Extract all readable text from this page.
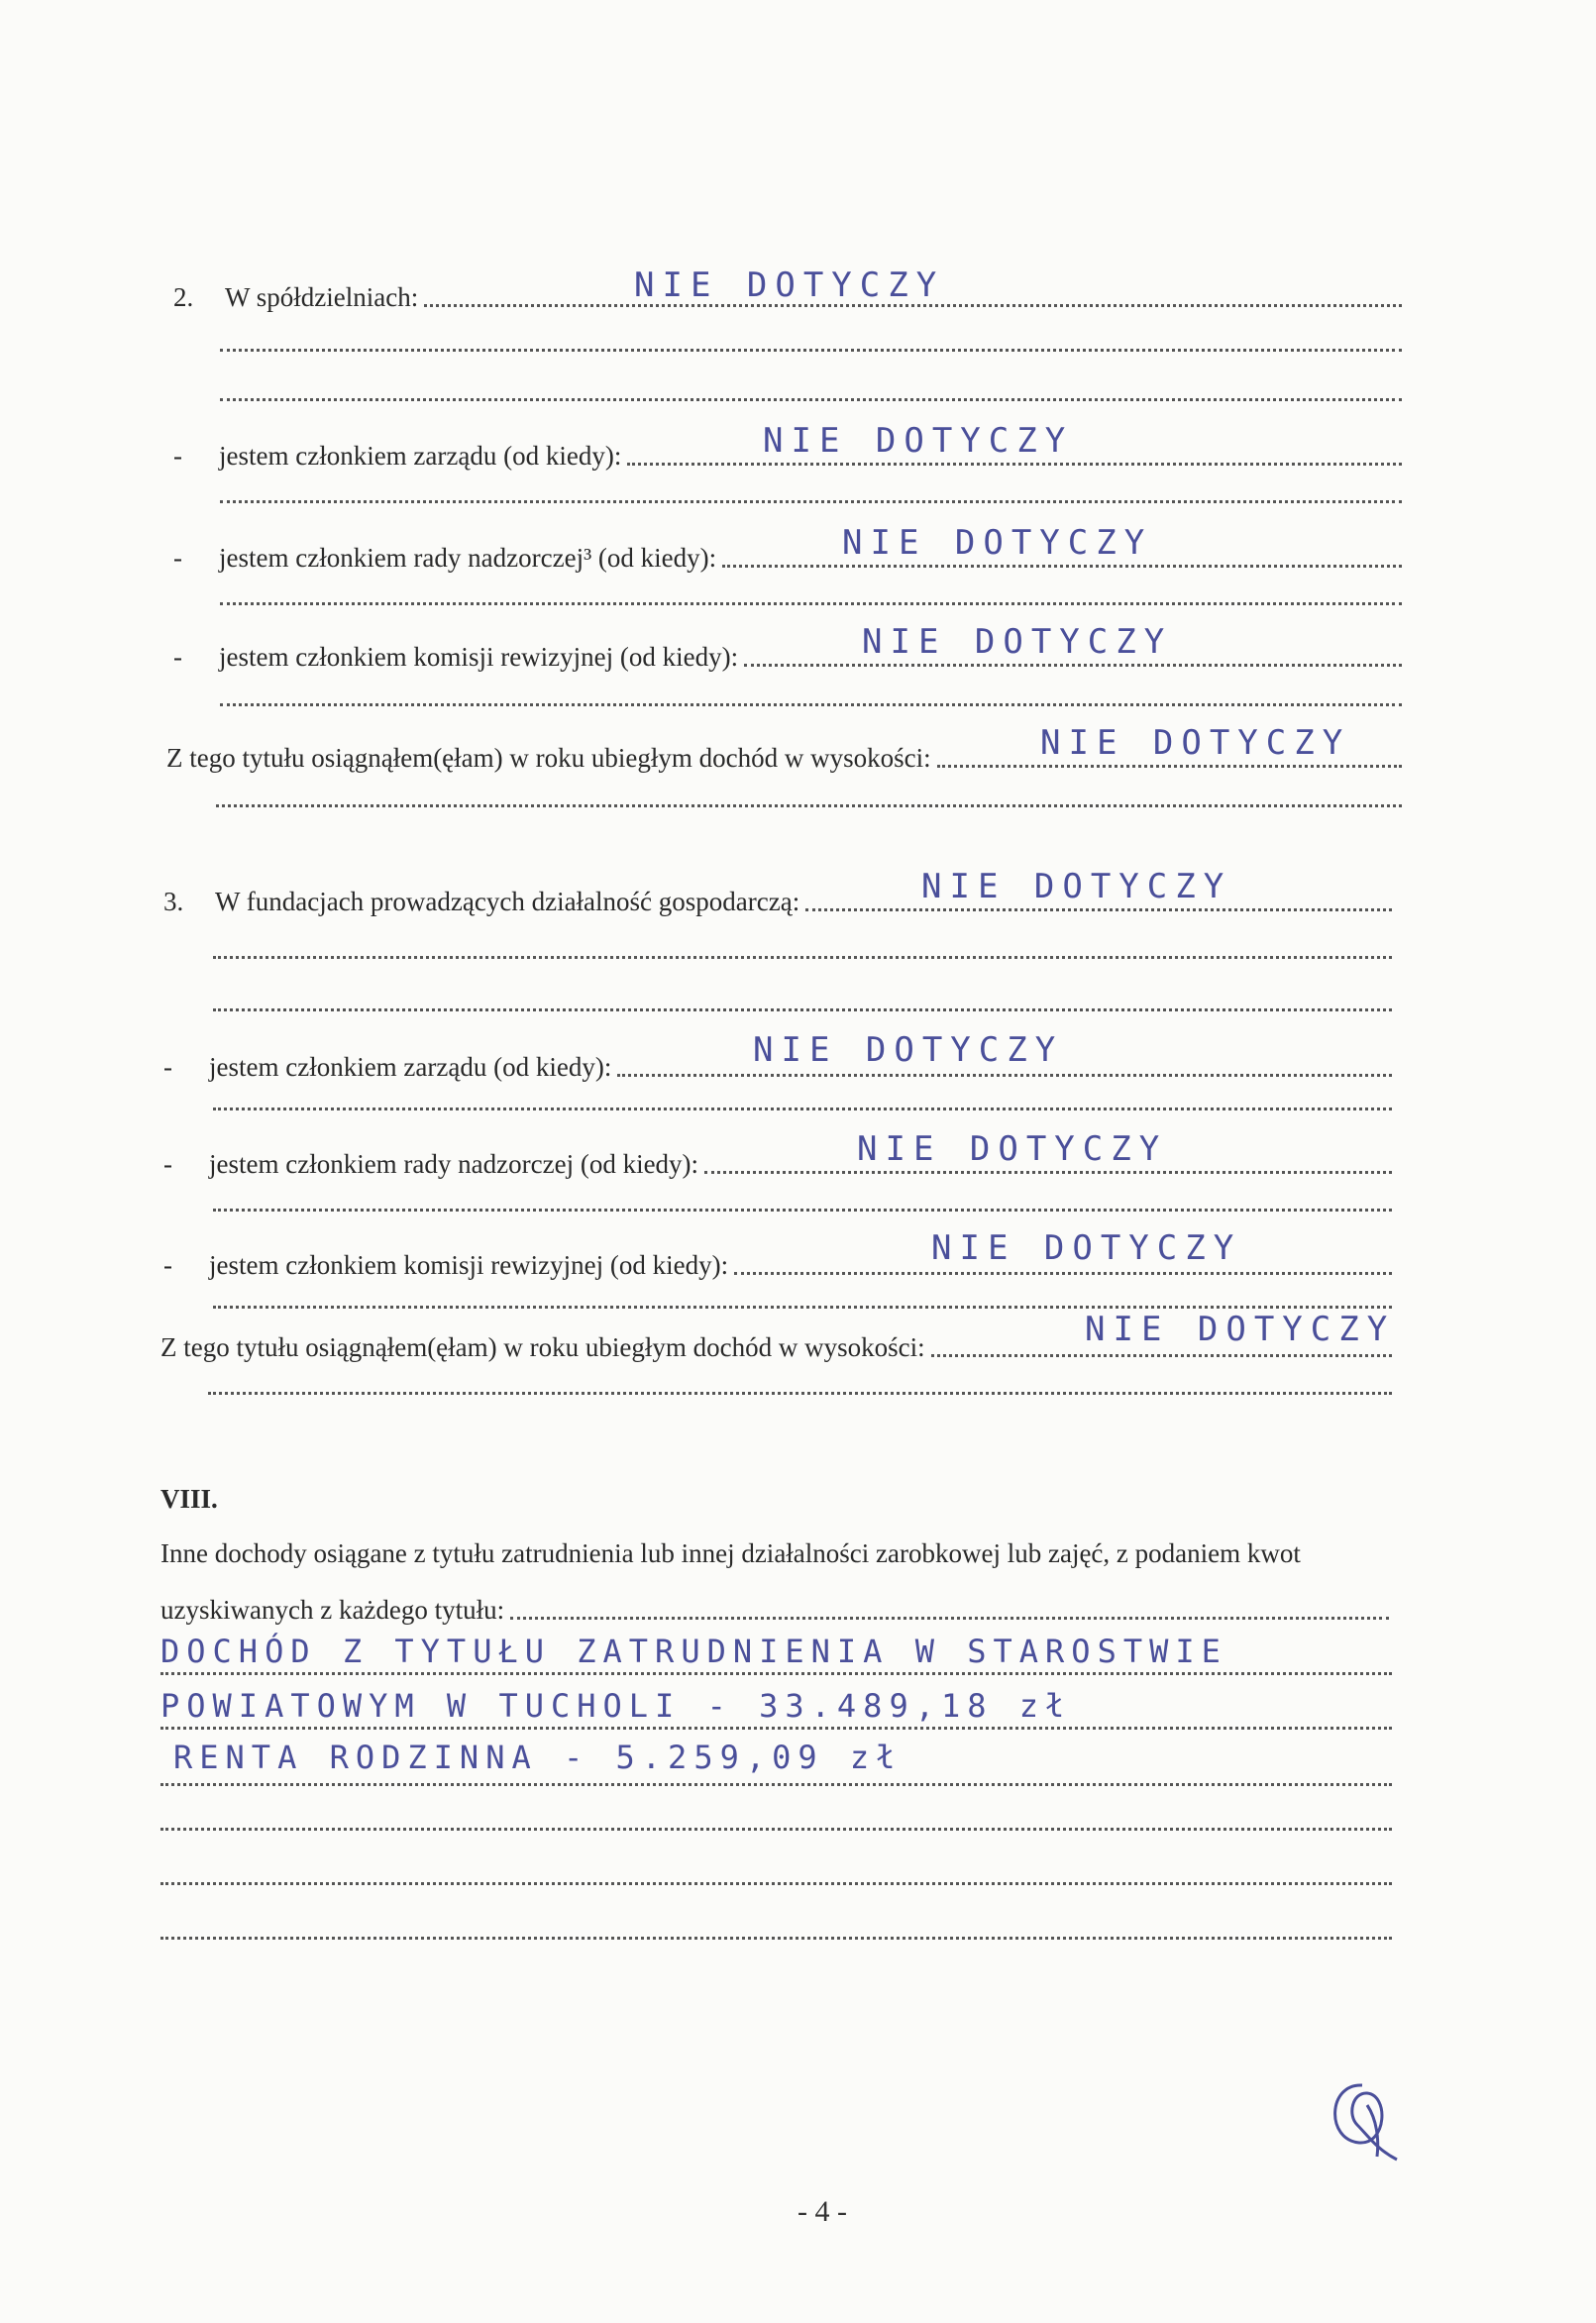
2.	W spółdzielniach:	NIE DOTYCZY
-	jestem członkiem zarządu (od kiedy):	NIE DOTYCZY
-	jestem członkiem rady nadzorczej³ (od kiedy):	NIE DOTYCZY
-	jestem członkiem komisji rewizyjnej (od kiedy):	NIE DOTYCZY
Z tego tytułu osiągnąłem(ęłam) w roku ubiegłym dochód w wysokości:	NIE DOTYCZY
3.	W fundacjach prowadzących działalność gospodarczą:	NIE DOTYCZY
-	jestem członkiem zarządu (od kiedy):	NIE DOTYCZY
-	jestem członkiem rady nadzorczej (od kiedy):	NIE DOTYCZY
-	jestem członkiem komisji rewizyjnej (od kiedy):	NIE DOTYCZY
Z tego tytułu osiągnąłem(ęłam) w roku ubiegłym dochód w wysokości:	NIE DOTYCZY
VIII.
Inne dochody osiągane z tytułu zatrudnienia lub innej działalności zarobkowej lub zajęć, z podaniem kwot
uzyskiwanych z każdego tytułu:
DOCHÓD Z TYTUŁU ZATRUDNIENIA W STAROSTWIE
POWIATOWYM W TUCHOLI - 33.489,18 zł
RENTA RODZINNA - 5.259,09 zł
- 4 -
